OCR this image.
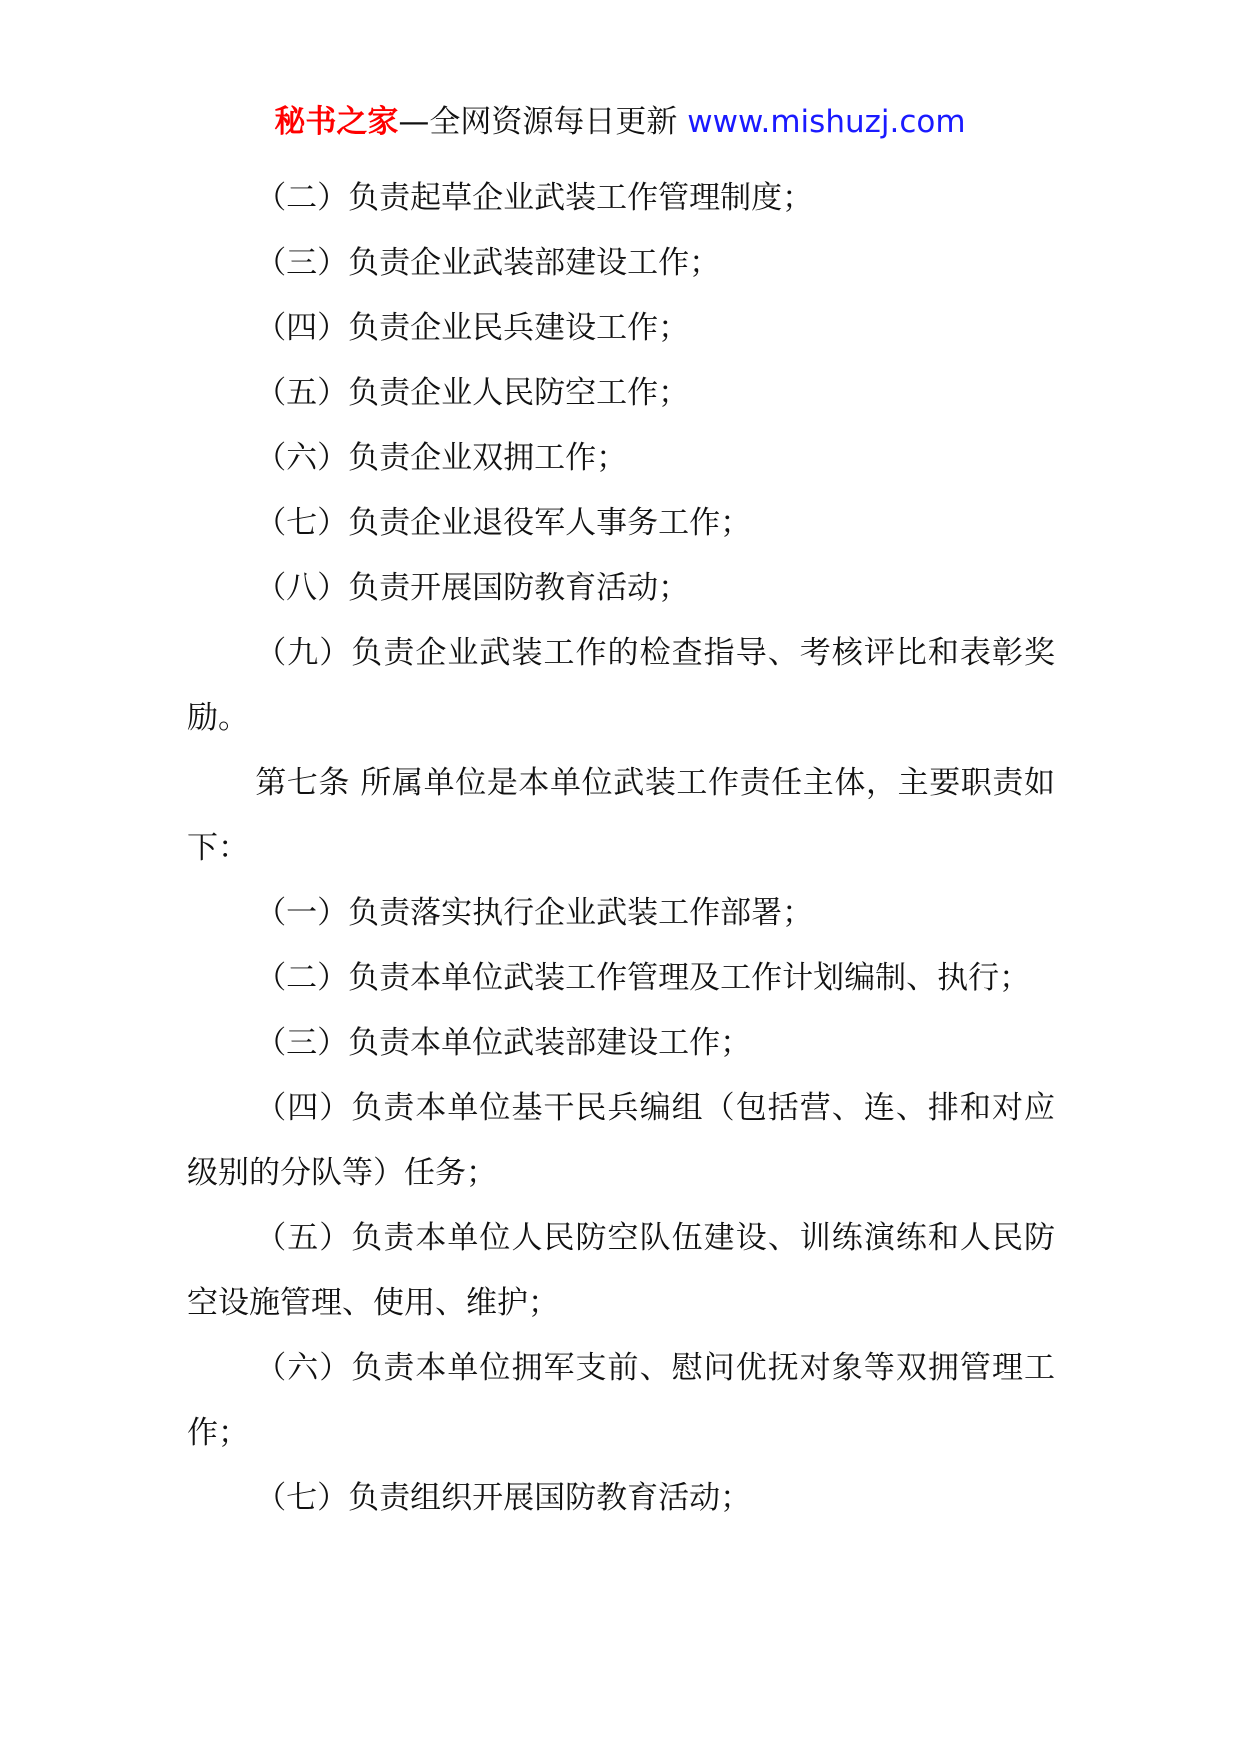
秘书之家—全网资源每日更新 www.mishuzj.com

（二）负责起草企业武装工作管理制度；

（三）负责企业武装部建设工作；

（四）负责企业民兵建设工作；

（五）负责企业人民防空工作；

（六）负责企业双拥工作；

（七）负责企业退役军人事务工作；

（八）负责开展国防教育活动；

（九）负责企业武装工作的检查指导、考核评比和表彰奖励。

第七条 所属单位是本单位武装工作责任主体，主要职责如下：

（一）负责落实执行企业武装工作部署；

（二）负责本单位武装工作管理及工作计划编制、执行；

（三）负责本单位武装部建设工作；

（四）负责本单位基干民兵编组（包括营、连、排和对应级别的分队等）任务；

（五）负责本单位人民防空队伍建设、训练演练和人民防空设施管理、使用、维护；

（六）负责本单位拥军支前、慰问优抚对象等双拥管理工作；

（七）负责组织开展国防教育活动；
